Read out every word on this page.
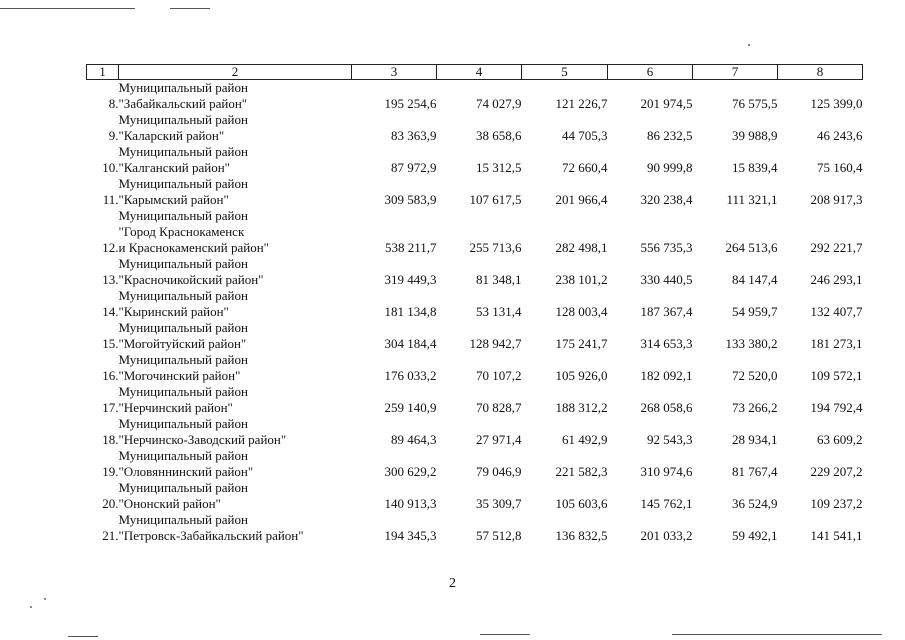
1	2	3	4	5	6	7	8

8.	Муниципальный район
"Забайкальский район"	195 254,6	74 027,9	121 226,7	201 974,5	76 575,5	125 399,0

9.	Муниципальный район
"Каларский район"	83 363,9	38 658,6	44 705,3	86 232,5	39 988,9	46 243,6

10.	Муниципальный район
"Калганский район"	87 972,9	15 312,5	72 660,4	90 999,8	15 839,4	75 160,4

11.	Муниципальный район
"Карымский район"	309 583,9	107 617,5	201 966,4	320 238,4	111 321,1	208 917,3

12.	Муниципальный район
"Город Краснокаменск
и Краснокаменский район"	538 211,7	255 713,6	282 498,1	556 735,3	264 513,6	292 221,7

13.	Муниципальный район
"Красночикойский район"	319 449,3	81 348,1	238 101,2	330 440,5	84 147,4	246 293,1

14.	Муниципальный район
"Кыринский район"	181 134,8	53 131,4	128 003,4	187 367,4	54 959,7	132 407,7

15.	Муниципальный район
"Могойтуйский район"	304 184,4	128 942,7	175 241,7	314 653,3	133 380,2	181 273,1

16.	Муниципальный район
"Могочинский район"	176 033,2	70 107,2	105 926,0	182 092,1	72 520,0	109 572,1

17.	Муниципальный район
"Нерчинский район"	259 140,9	70 828,7	188 312,2	268 058,6	73 266,2	194 792,4

18.	Муниципальный район
"Нерчинско-Заводский район"	89 464,3	27 971,4	61 492,9	92 543,3	28 934,1	63 609,2

19.	Муниципальный район
"Оловяннинский район"	300 629,2	79 046,9	221 582,3	310 974,6	81 767,4	229 207,2

20.	Муниципальный район
"Ононский район"	140 913,3	35 309,7	105 603,6	145 762,1	36 524,9	109 237,2

21.	Муниципальный район
"Петровск-Забайкальский район"	194 345,3	57 512,8	136 832,5	201 033,2	59 492,1	141 541,1
2
